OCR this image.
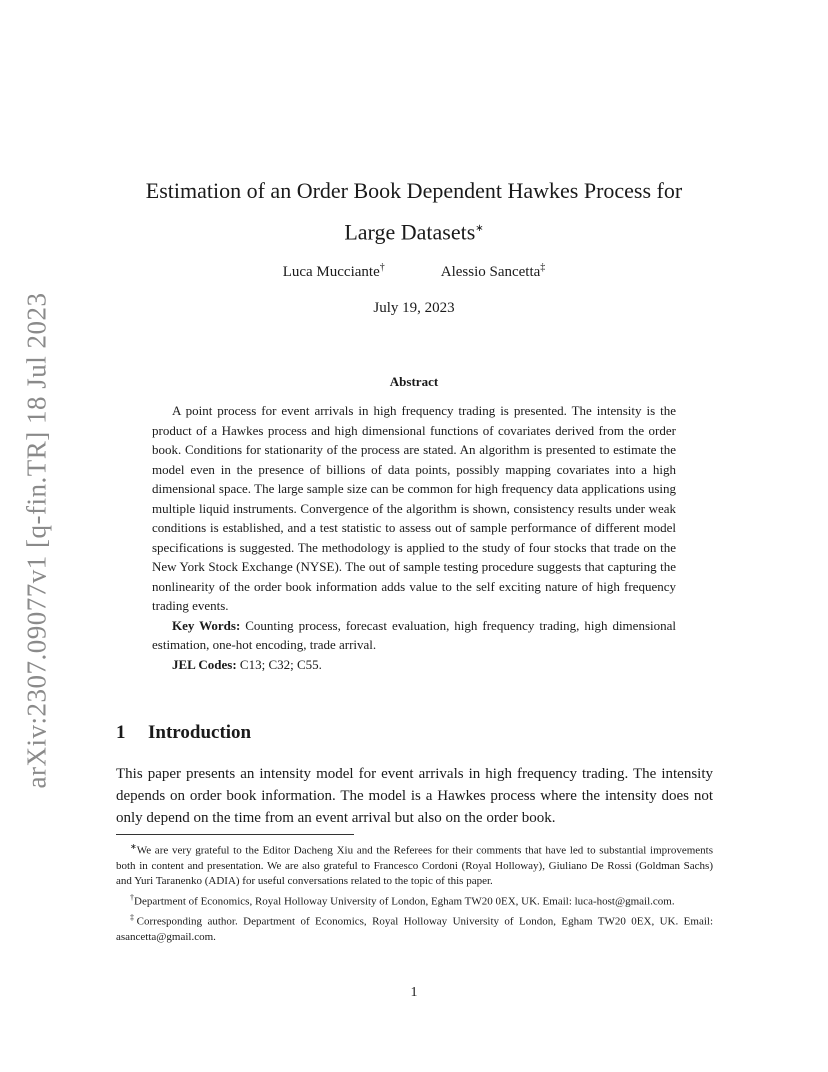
arXiv:2307.09077v1 [q-fin.TR] 18 Jul 2023
Estimation of an Order Book Dependent Hawkes Process for
Large Datasets∗
Luca Mucciante†	Alessio Sancetta‡
July 19, 2023
Abstract

A point process for event arrivals in high frequency trading is presented. The intensity is the product of a Hawkes process and high dimensional functions of covariates derived from the order book. Conditions for stationarity of the process are stated. An algorithm is presented to estimate the model even in the presence of billions of data points, possibly mapping covariates into a high dimensional space. The large sample size can be common for high frequency data applications using multiple liquid instruments. Convergence of the algorithm is shown, consistency results under weak conditions is established, and a test statistic to assess out of sample performance of different model specifications is suggested. The methodology is applied to the study of four stocks that trade on the New York Stock Exchange (NYSE). The out of sample testing procedure suggests that capturing the nonlinearity of the order book information adds value to the self exciting nature of high frequency trading events.

Key Words: Counting process, forecast evaluation, high frequency trading, high dimensional estimation, one-hot encoding, trade arrival.

JEL Codes: C13; C32; C55.

1 Introduction

This paper presents an intensity model for event arrivals in high frequency trading. The intensity depends on order book information. The model is a Hawkes process where the intensity does not only depend on the time from an event arrival but also on the order book.

∗We are very grateful to the Editor Dacheng Xiu and the Referees for their comments that have led to substantial improvements both in content and presentation. We are also grateful to Francesco Cordoni (Royal Holloway), Giuliano De Rossi (Goldman Sachs) and Yuri Taranenko (ADIA) for useful conversations related to the topic of this paper.

†Department of Economics, Royal Holloway University of London, Egham TW20 0EX, UK. Email: luca-host@gmail.com.

‡Corresponding author. Department of Economics, Royal Holloway University of London, Egham TW20 0EX, UK. Email: asancetta@gmail.com.

1
